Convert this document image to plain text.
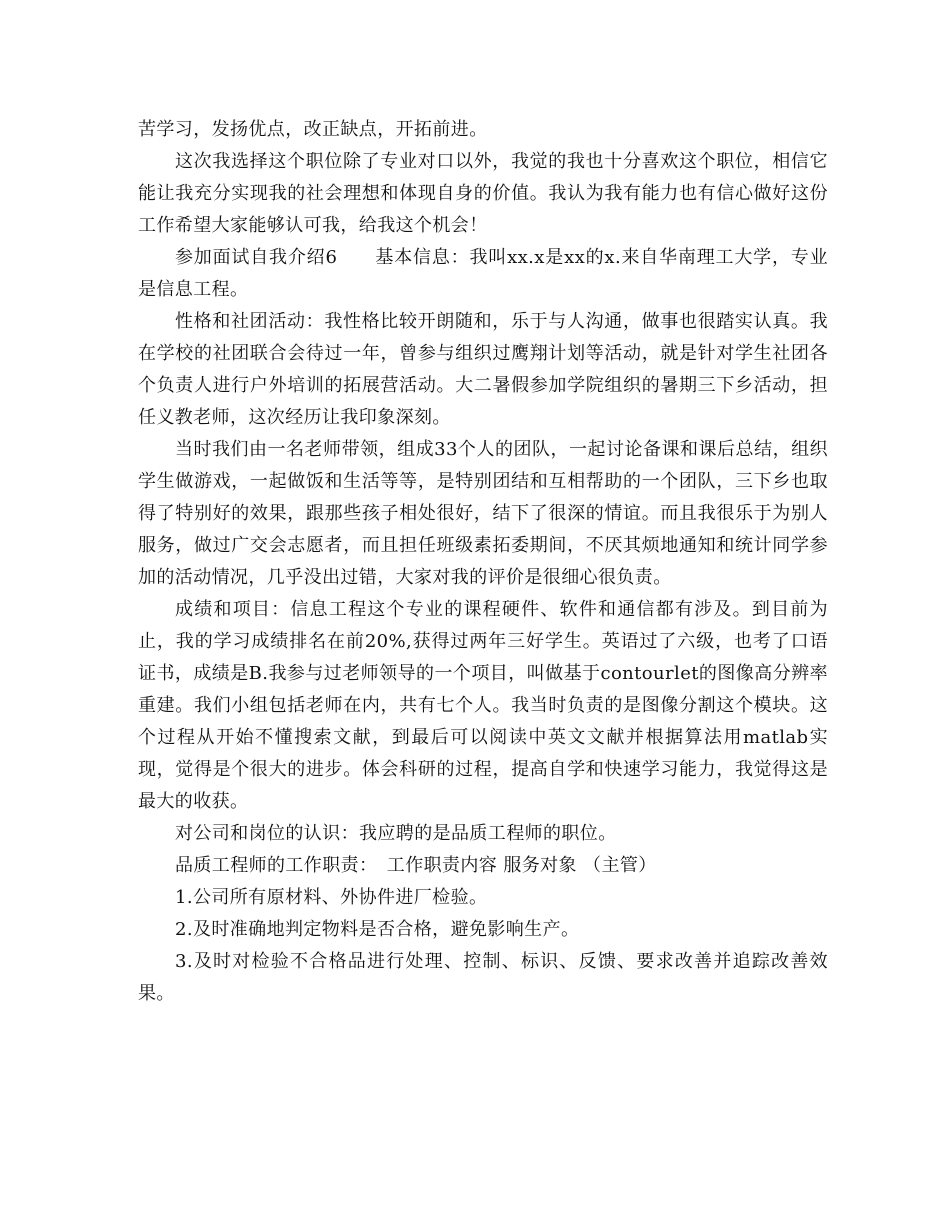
苦学习，发扬优点，改正缺点，开拓前进。

这次我选择这个职位除了专业对口以外，我觉的我也十分喜欢这个职位，相信它能让我充分实现我的社会理想和体现自身的价值。我认为我有能力也有信心做好这份工作希望大家能够认可我，给我这个机会！

参加面试自我介绍6　　基本信息：我叫xx.x是xx的x.来自华南理工大学，专业是信息工程。

性格和社团活动：我性格比较开朗随和，乐于与人沟通，做事也很踏实认真。我在学校的社团联合会待过一年，曾参与组织过鹰翔计划等活动，就是针对学生社团各个负责人进行户外培训的拓展营活动。大二暑假参加学院组织的暑期三下乡活动，担任义教老师，这次经历让我印象深刻。

当时我们由一名老师带领，组成33个人的团队，一起讨论备课和课后总结，组织学生做游戏，一起做饭和生活等等，是特别团结和互相帮助的一个团队，三下乡也取得了特别好的效果，跟那些孩子相处很好，结下了很深的情谊。而且我很乐于为别人服务，做过广交会志愿者，而且担任班级素拓委期间，不厌其烦地通知和统计同学参加的活动情况，几乎没出过错，大家对我的评价是很细心很负责。

成绩和项目：信息工程这个专业的课程硬件、软件和通信都有涉及。到目前为止，我的学习成绩排名在前20%,获得过两年三好学生。英语过了六级，也考了口语证书，成绩是B.我参与过老师领导的一个项目，叫做基于contourlet的图像高分辨率重建。我们小组包括老师在内，共有七个人。我当时负责的是图像分割这个模块。这个过程从开始不懂搜索文献，到最后可以阅读中英文文献并根据算法用matlab实现，觉得是个很大的进步。体会科研的过程，提高自学和快速学习能力，我觉得这是最大的收获。

对公司和岗位的认识：我应聘的是品质工程师的职位。

品质工程师的工作职责：　工作职责内容 服务对象 （主管）

1.公司所有原材料、外协件进厂检验。

2.及时准确地判定物料是否合格，避免影响生产。

3.及时对检验不合格品进行处理、控制、标识、反馈、要求改善并追踪改善效果。
